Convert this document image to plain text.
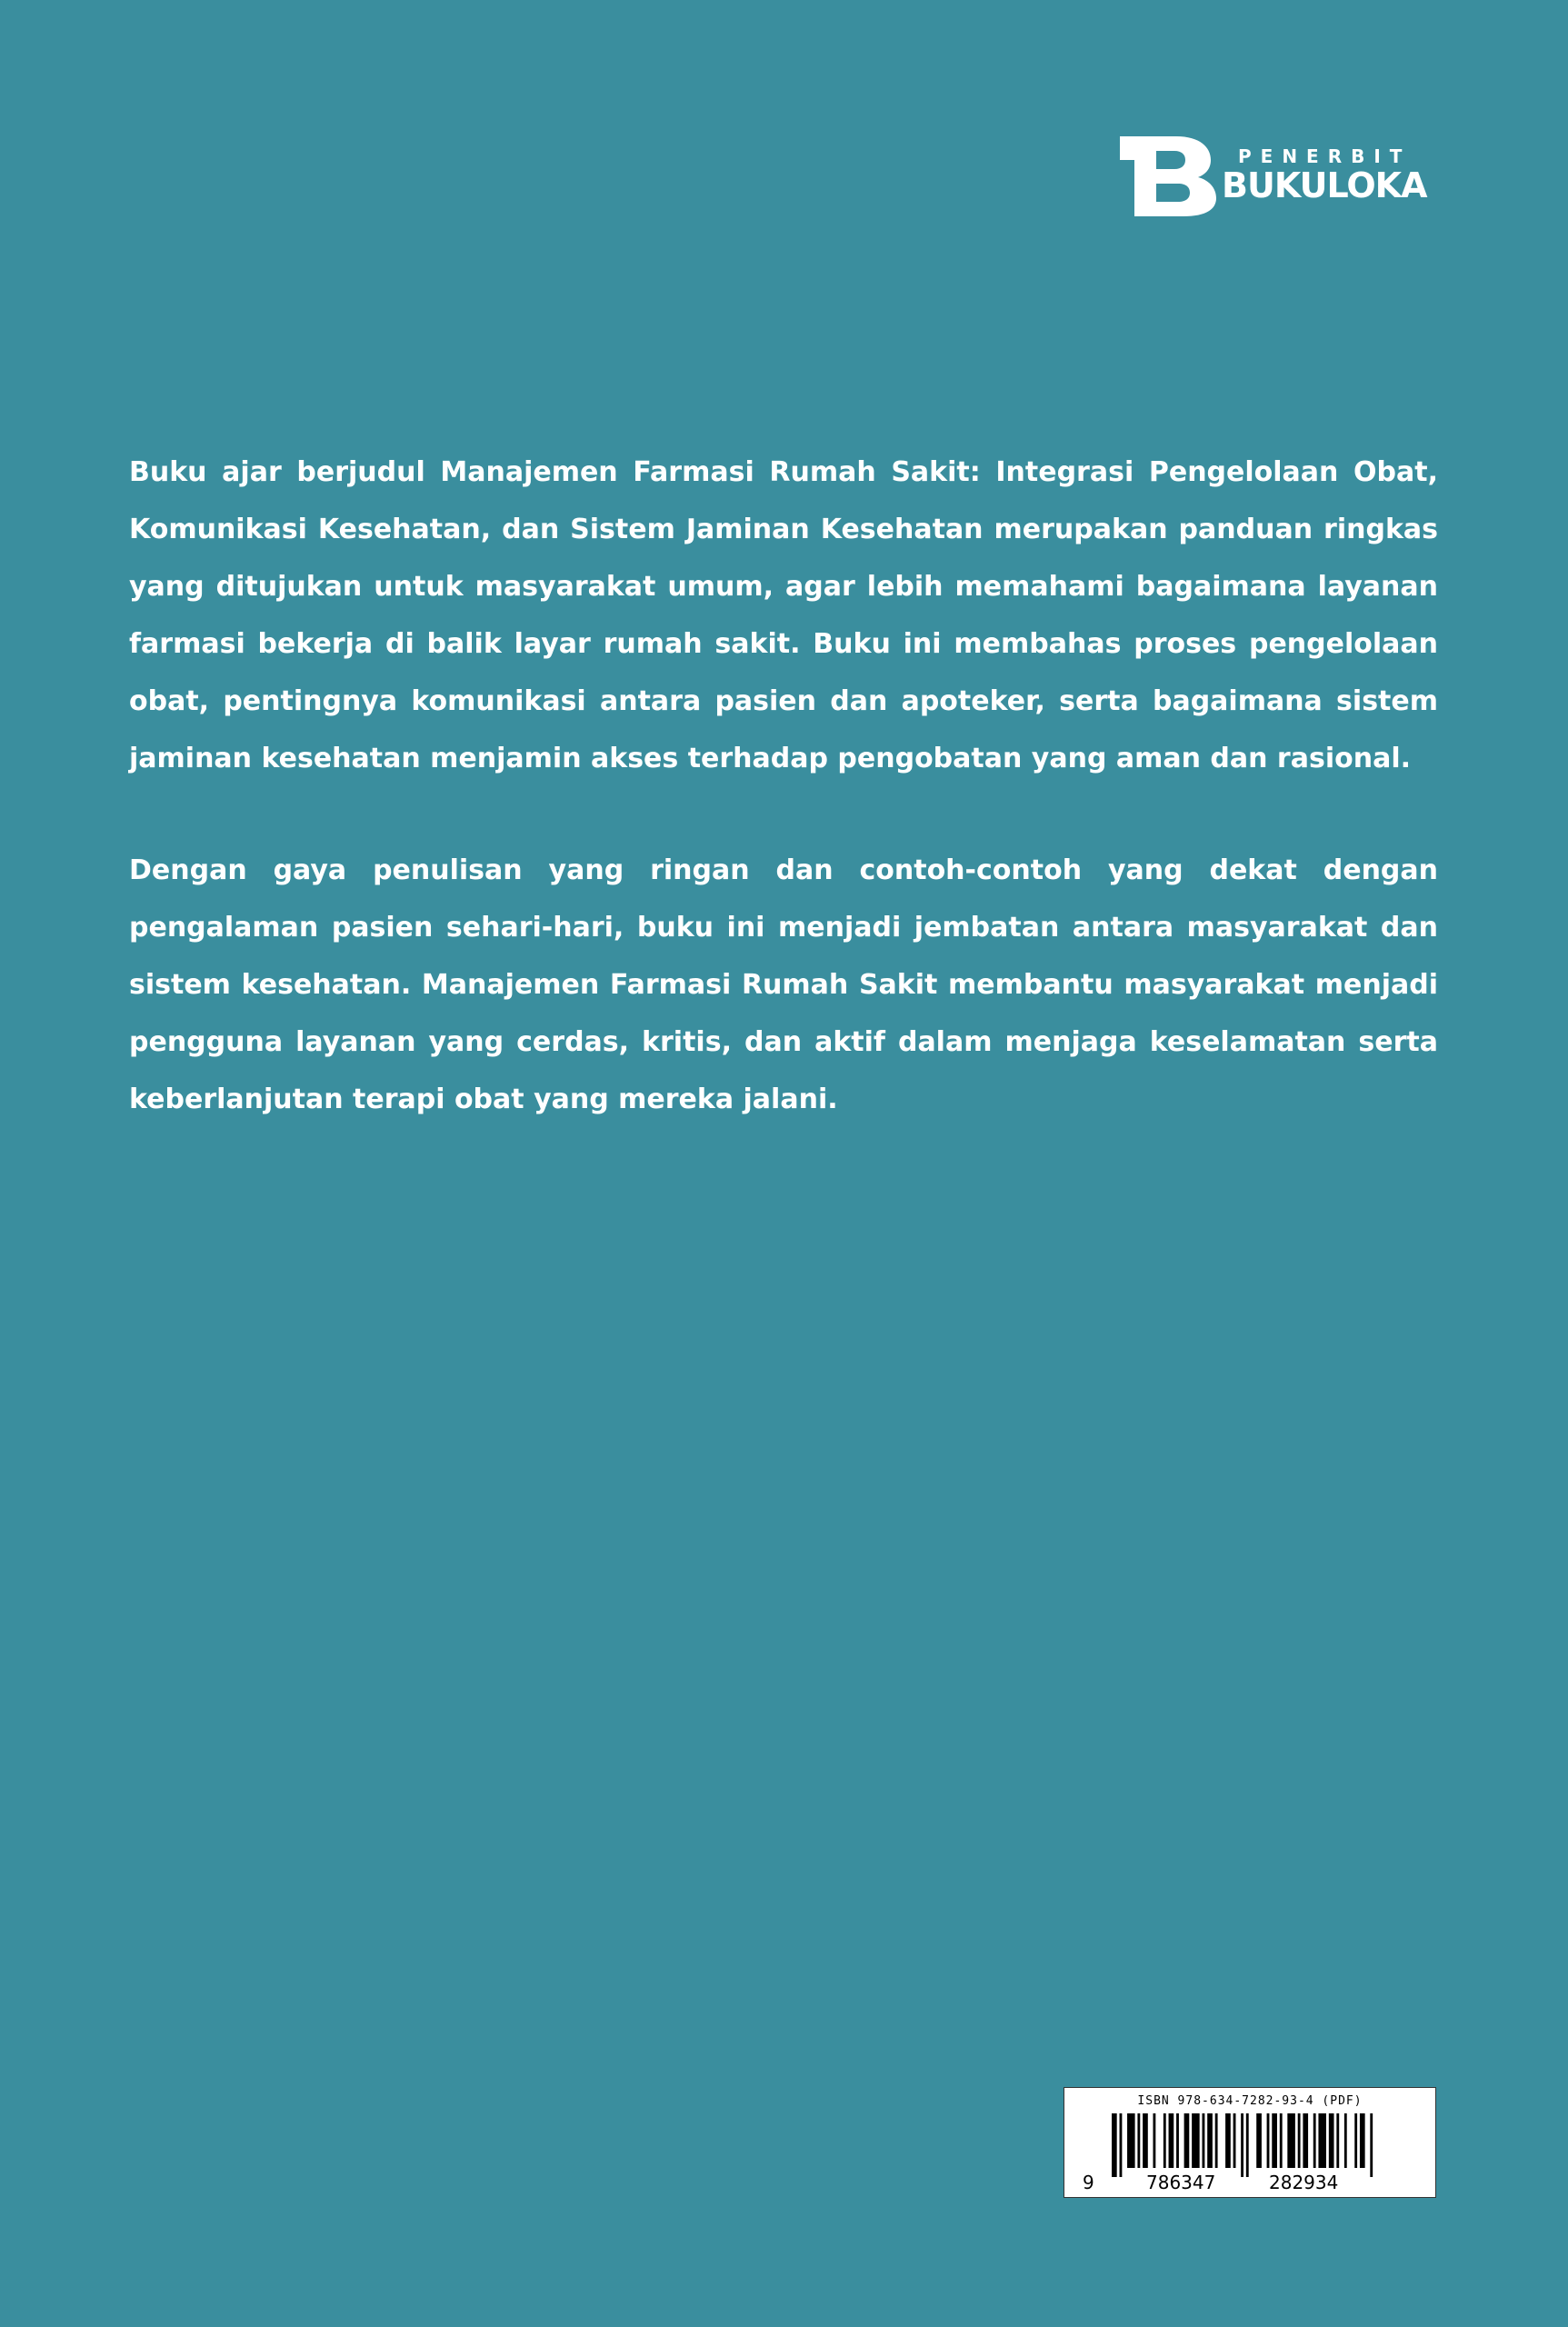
PENERBIT
BUKULOKA

Buku ajar berjudul Manajemen Farmasi Rumah Sakit: Integrasi Pengelolaan Obat, Komunikasi Kesehatan, dan Sistem Jaminan Kesehatan merupakan panduan ringkas yang ditujukan untuk masyarakat umum, agar lebih memahami bagaimana layanan farmasi bekerja di balik layar rumah sakit. Buku ini membahas proses pengelolaan obat, pentingnya komunikasi antara pasien dan apoteker, serta bagaimana sistem jaminan kesehatan menjamin akses terhadap pengobatan yang aman dan rasional.

Dengan gaya penulisan yang ringan dan contoh-contoh yang dekat dengan pengalaman pasien sehari-hari, buku ini menjadi jembatan antara masyarakat dan sistem kesehatan. Manajemen Farmasi Rumah Sakit membantu masyarakat menjadi pengguna layanan yang cerdas, kritis, dan aktif dalam menjaga keselamatan serta keberlanjutan terapi obat yang mereka jalani.

ISBN 978-634-7282-93-4 (PDF)
9	786347	282934
